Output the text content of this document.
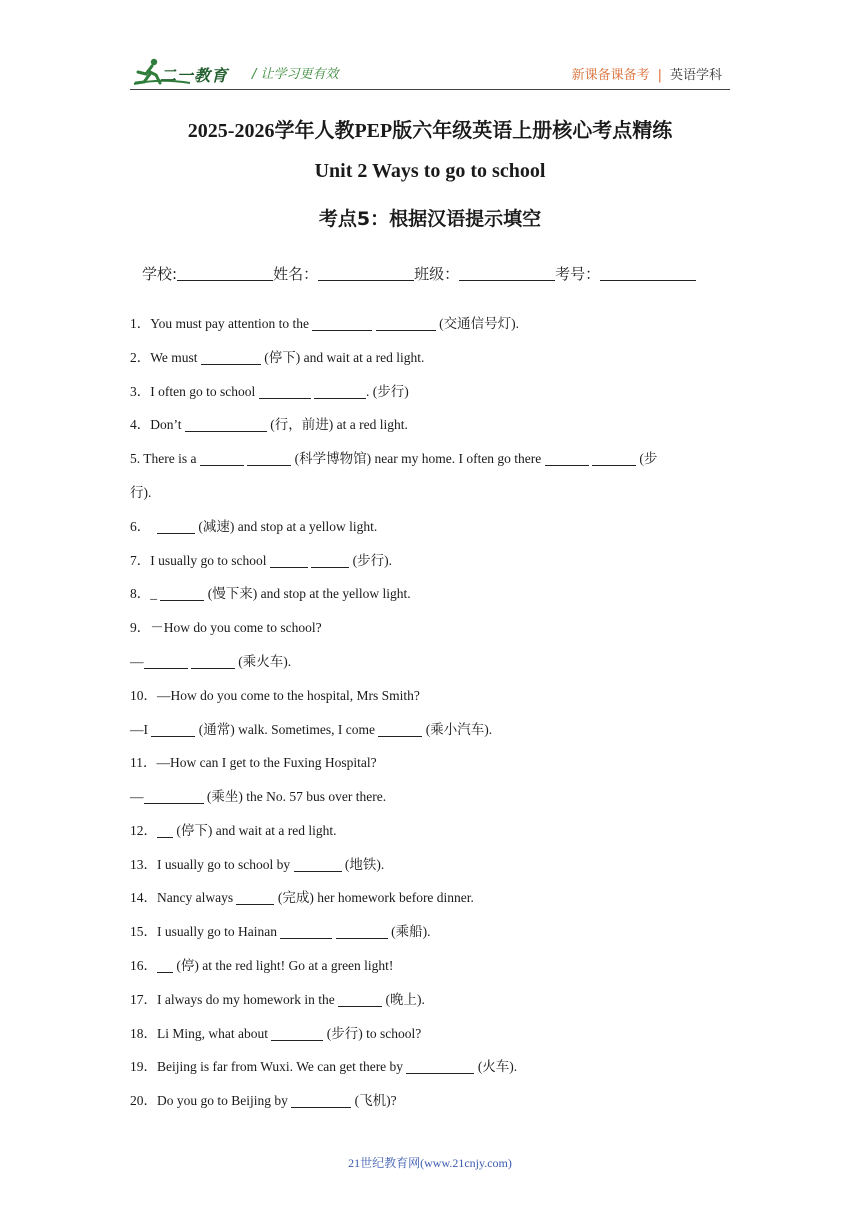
二一教育 / 让学习更有效	新课备课备考 | 英语学科
2025-2026学年人教PEP版六年级英语上册核心考点精练
Unit 2 Ways to go to school
考点5：根据汉语提示填空
学校:	姓名：	班级：	考号：
1．You must pay attention to the	(交通信号灯).
2．We must	(停下) and wait at a red light.
3．I often go to school	. (步行)
4．Don’t	(行，前进) at a red light.
5. There is a	(科学博物馆) near my home. I often go there	(步
行).
6．	(减速) and stop at a yellow light.
7．I usually go to school	(步行).
8．_	(慢下来) and stop at the yellow light.
9．－How do you come to school?
—	(乘火车).
10．—How do you come to the hospital, Mrs Smith?
—I	(通常) walk. Sometimes, I come	(乘小汽车).
11．—How can I get to the Fuxing Hospital?
—	(乘坐) the No. 57 bus over there.
12． (停下) and wait at a red light.
13．I usually go to school by	(地铁).
14．Nancy always	(完成) her homework before dinner.
15．I usually go to Hainan	(乘船).
16． (停) at the red light! Go at a green light!
17．I always do my homework in the	(晚上).
18．Li Ming, what about	(步行) to school?
19．Beijing is far from Wuxi. We can get there by	(火车).
20．Do you go to Beijing by	(飞机)?
21世纪教育网(www.21cnjy.com)
